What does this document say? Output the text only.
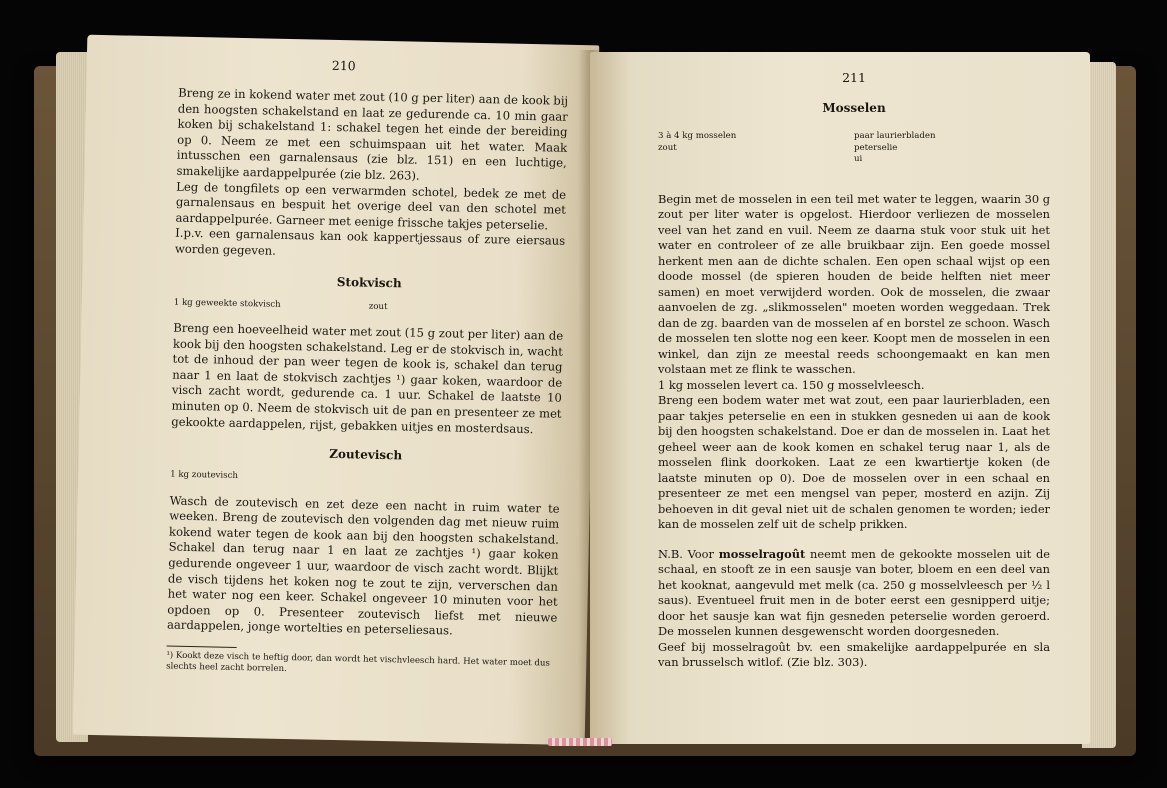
210

Breng ze in kokend water met zout (10 g per liter) aan de kook bij den hoogsten schakelstand en laat ze gedurende ca. 10 min gaar koken bij schakelstand 1: schakel tegen het einde der bereiding op 0. Neem ze met een schuimspaan uit het water. Maak intusschen een garnalensaus (zie blz. 151) en een luchtige, smakelijke aardappelpurée (zie blz. 263).

Leg de tongfilets op een verwarmden schotel, bedek ze met de garnalensaus en bespuit het overige deel van den schotel met aardappelpurée. Garneer met eenige frissche takjes peterselie.

I.p.v. een garnalensaus kan ook kappertjessaus of zure eiersaus worden gegeven.

Stokvisch
1 kg geweekte stokvisch	zout

Breng een hoeveelheid water met zout (15 g zout per liter) aan de kook bij den hoogsten schakelstand. Leg er de stokvisch in, wacht tot de inhoud der pan weer tegen de kook is, schakel dan terug naar 1 en laat de stokvisch zachtjes ¹) gaar koken, waardoor de visch zacht wordt, gedurende ca. 1 uur. Schakel de laatste 10 minuten op 0. Neem de stokvisch uit de pan en presenteer ze met gekookte aardappelen, rijst, gebakken uitjes en mosterdsaus.

Zoutevisch
1 kg zoutevisch

Wasch de zoutevisch en zet deze een nacht in ruim water te weeken. Breng de zoutevisch den volgenden dag met nieuw ruim kokend water tegen de kook aan bij den hoogsten schakelstand. Schakel dan terug naar 1 en laat ze zachtjes ¹) gaar koken gedurende ongeveer 1 uur, waardoor de visch zacht wordt. Blijkt de visch tijdens het koken nog te zout te zijn, ververschen dan het water nog een keer. Schakel ongeveer 10 minuten voor het opdoen op 0. Presenteer zoutevisch liefst met nieuwe aardappelen, jonge wortelties en peterseliesaus.

¹) Kookt deze visch te heftig door, dan wordt het vischvleesch hard. Het water moet dus slechts heel zacht borrelen.
211
Mosselen
3 à 4 kg mosselen
zout
paar laurierbladen
peterselie
ui

Begin met de mosselen in een teil met water te leggen, waarin 30 g zout per liter water is opgelost. Hierdoor verliezen de mosselen veel van het zand en vuil. Neem ze daarna stuk voor stuk uit het water en controleer of ze alle bruikbaar zijn. Een goede mossel herkent men aan de dichte schalen. Een open schaal wijst op een doode mossel (de spieren houden de beide helften niet meer samen) en moet verwijderd worden. Ook de mosselen, die zwaar aanvoelen de zg. „slikmosselen" moeten worden weggedaan. Trek dan de zg. baarden van de mosselen af en borstel ze schoon. Wasch de mosselen ten slotte nog een keer. Koopt men de mosselen in een winkel, dan zijn ze meestal reeds schoongemaakt en kan men volstaan met ze flink te wasschen.

1 kg mosselen levert ca. 150 g mosselvleesch.

Breng een bodem water met wat zout, een paar laurierbladen, een paar takjes peterselie en een in stukken gesneden ui aan de kook bij den hoogsten schakelstand. Doe er dan de mosselen in. Laat het geheel weer aan de kook komen en schakel terug naar 1, als de mosselen flink doorkoken. Laat ze een kwartiertje koken (de laatste minuten op 0). Doe de mosselen over in een schaal en presenteer ze met een mengsel van peper, mosterd en azijn. Zij behoeven in dit geval niet uit de schalen genomen te worden; ieder kan de mosselen zelf uit de schelp prikken.

N.B. Voor mosselragoût neemt men de gekookte mosselen uit de schaal, en stooft ze in een sausje van boter, bloem en een deel van het kooknat, aangevuld met melk (ca. 250 g mosselvleesch per ½ l saus). Eventueel fruit men in de boter eerst een gesnipperd uitje; door het sausje kan wat fijn gesneden peterselie worden geroerd. De mosselen kunnen desgewenscht worden doorgesneden.

Geef bij mosselragoût bv. een smakelijke aardappelpurée en sla van brusselsch witlof. (Zie blz. 303).
